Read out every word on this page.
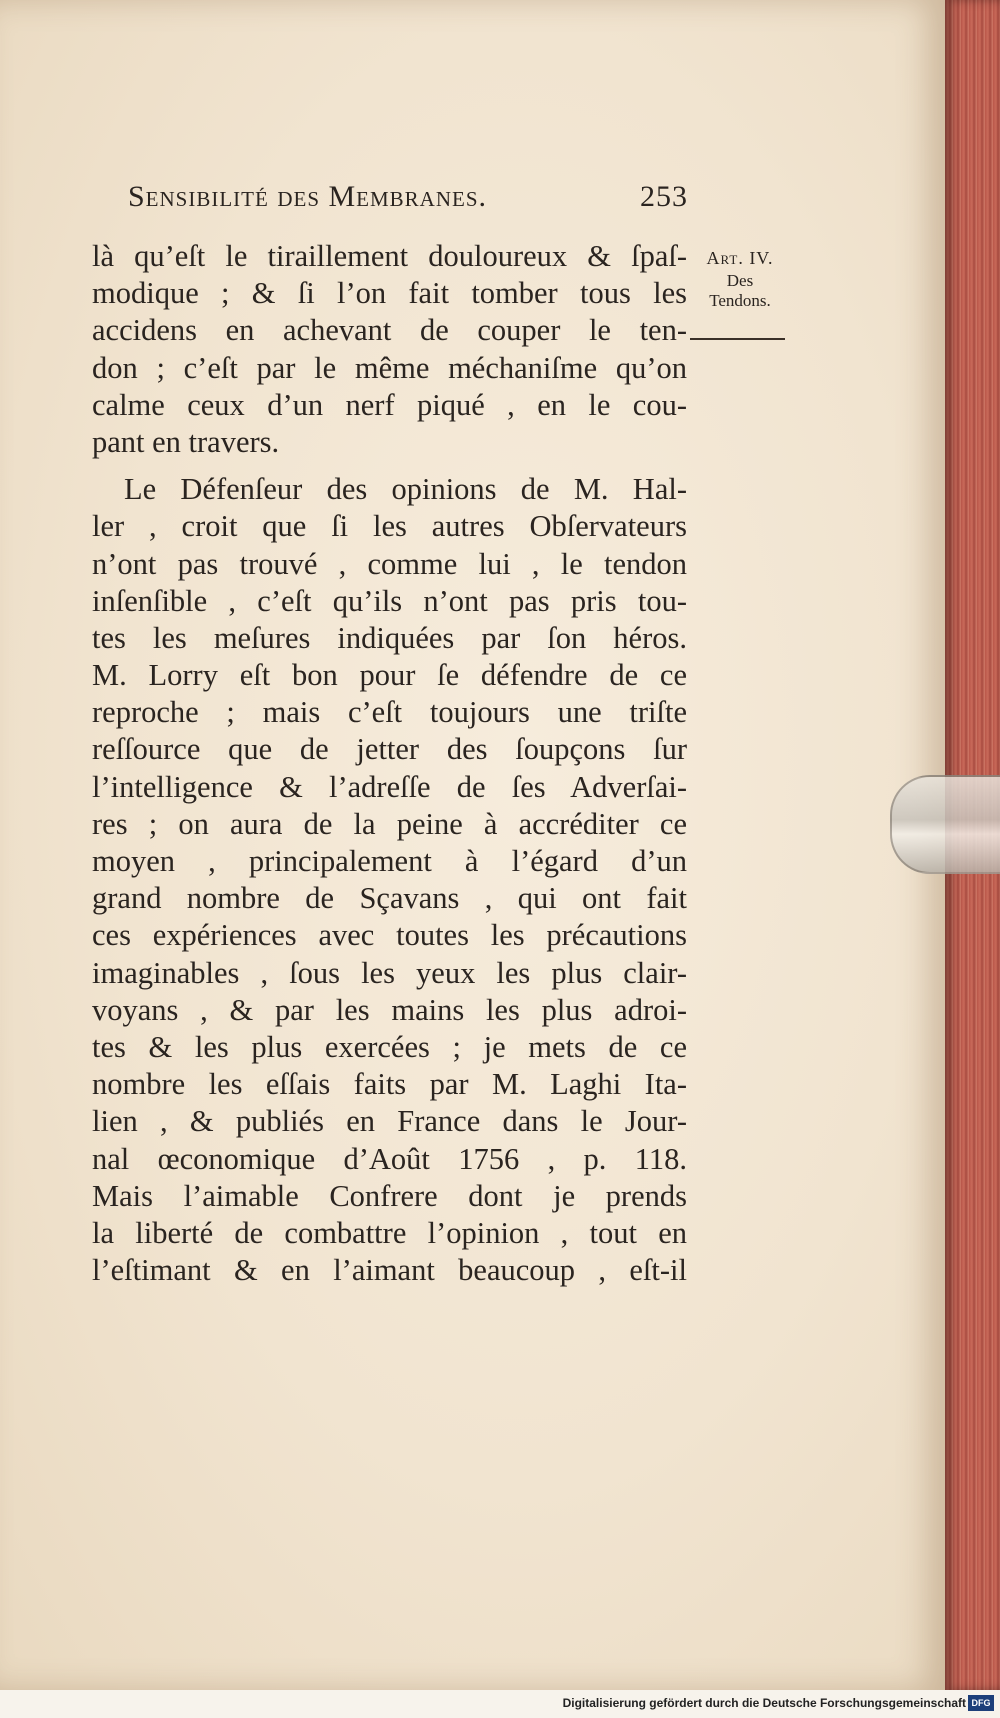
Sensibilité des Membranes.	253
là qu’eſt le tiraillement douloureux & ſpaſ-
modique ; & ſi l’on fait tomber tous les
accidens en achevant de couper le ten-
don ; c’eſt par le même méchaniſme qu’on
calme ceux d’un nerf piqué , en le cou-
pant en travers.
Le Défenſeur des opinions de M. Hal-
ler , croit que ſi les autres Obſervateurs
n’ont pas trouvé , comme lui , le tendon
inſenſible , c’eſt qu’ils n’ont pas pris tou-
tes les meſures indiquées par ſon héros.
M. Lorry eſt bon pour ſe défendre de ce
reproche ; mais c’eſt toujours une triſte
reſſource que de jetter des ſoupçons ſur
l’intelligence & l’adreſſe de ſes Adverſai-
res ; on aura de la peine à accréditer ce
moyen , principalement à l’égard d’un
grand nombre de Sçavans , qui ont fait
ces expériences avec toutes les précautions
imaginables , ſous les yeux les plus clair-
voyans , & par les mains les plus adroi-
tes & les plus exercées ; je mets de ce
nombre les eſſais faits par M. Laghi Ita-
lien , & publiés en France dans le Jour-
nal œconomique d’Août 1756 , p. 118.
Mais l’aimable Confrere dont je prends
la liberté de combattre l’opinion , tout en
l’eſtimant & en l’aimant beaucoup , eſt-il
Art. IV.
Des
Tendons.
Digitalisierung gefördert durch die Deutsche Forschungsgemeinschaft DFG
